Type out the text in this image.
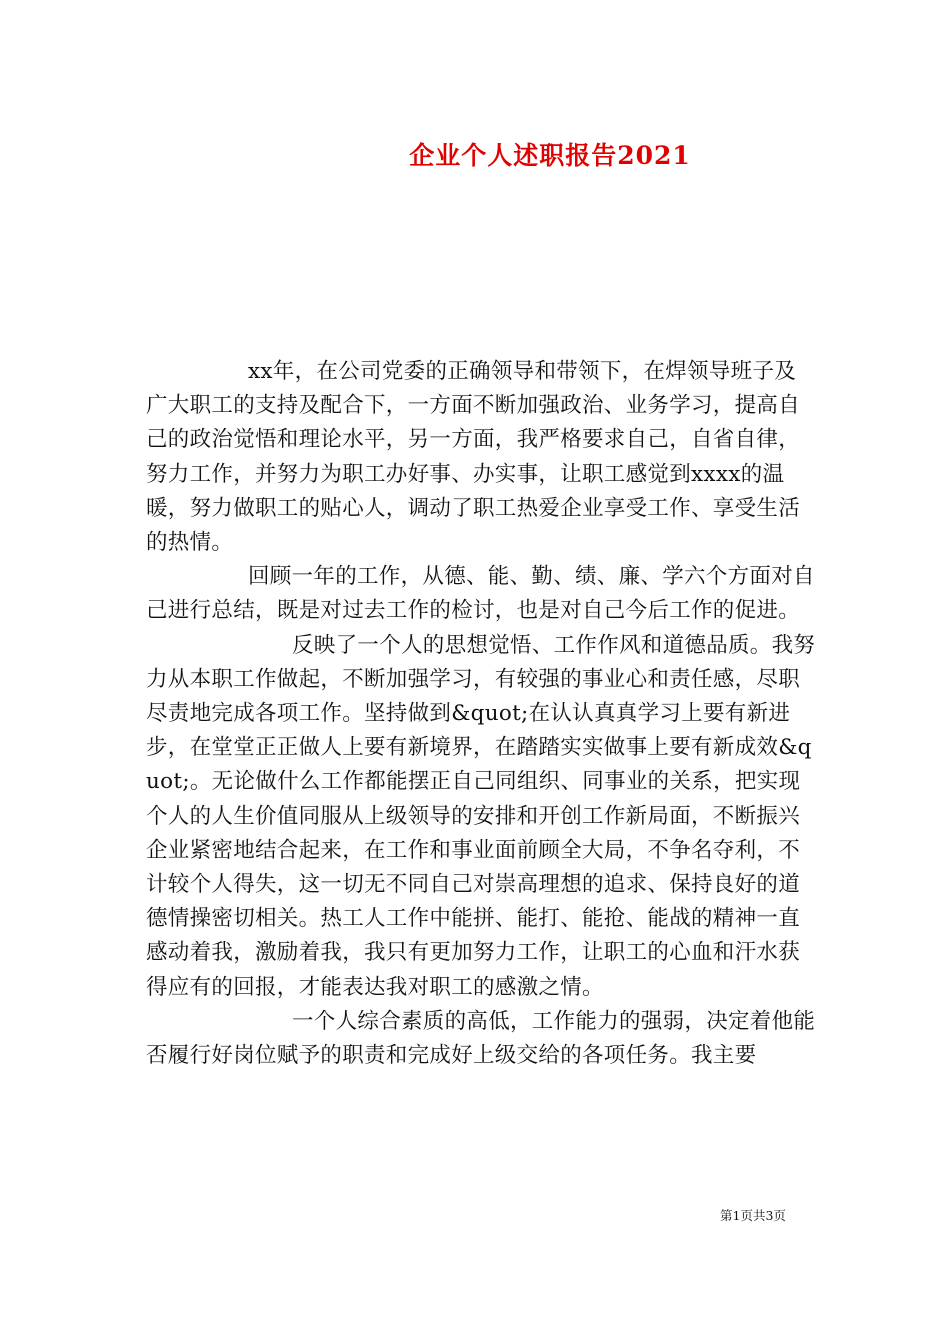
企业个人述职报告2021

xx年，在公司党委的正确领导和带领下，在焊领导班子及广大职工的支持及配合下，一方面不断加强政治、业务学习，提高自己的政治觉悟和理论水平，另一方面，我严格要求自己，自省自律，努力工作，并努力为职工办好事、办实事，让职工感觉到xxxx的温暖，努力做职工的贴心人，调动了职工热爱企业享受工作、享受生活的热情。

回顾一年的工作，从德、能、勤、绩、廉、学六个方面对自己进行总结，既是对过去工作的检讨，也是对自己今后工作的促进。

反映了一个人的思想觉悟、工作作风和道德品质。我努力从本职工作做起，不断加强学习，有较强的事业心和责任感，尽职尽责地完成各项工作。坚持做到&quot;在认认真真学习上要有新进步，在堂堂正正做人上要有新境界，在踏踏实实做事上要有新成效&quot;。无论做什么工作都能摆正自己同组织、同事业的关系，把实现个人的人生价值同服从上级领导的安排和开创工作新局面，不断振兴企业紧密地结合起来，在工作和事业面前顾全大局，不争名夺利，不计较个人得失，这一切无不同自己对崇高理想的追求、保持良好的道德情操密切相关。热工人工作中能拼、能打、能抢、能战的精神一直感动着我，激励着我，我只有更加努力工作，让职工的心血和汗水获得应有的回报，才能表达我对职工的感激之情。

一个人综合素质的高低，工作能力的强弱，决定着他能否履行好岗位赋予的职责和完成好上级交给的各项任务。我主要

第1页共3页
